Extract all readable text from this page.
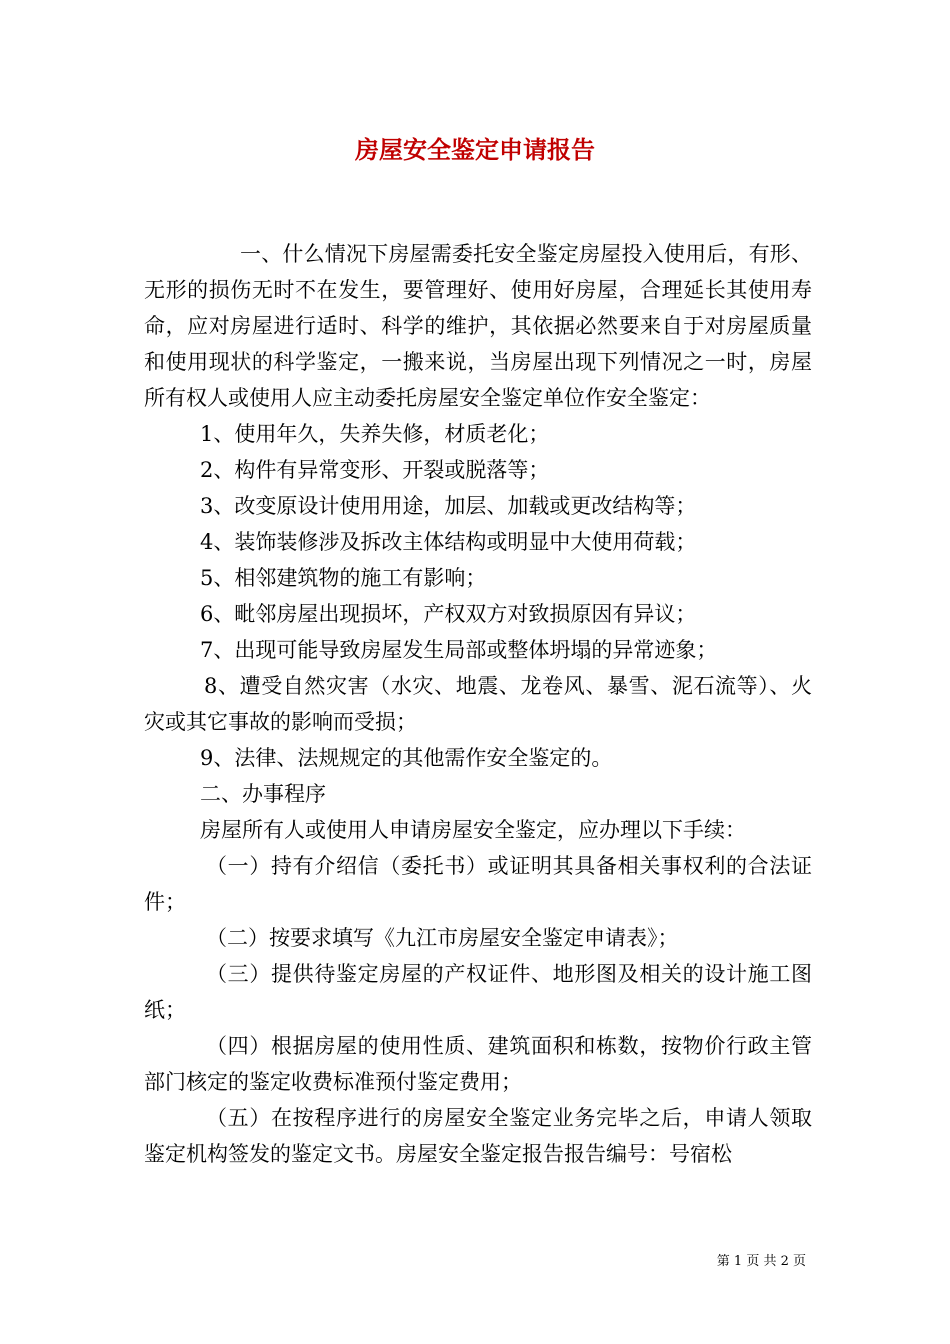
房屋安全鉴定申请报告

一、什么情况下房屋需委托安全鉴定房屋投入使用后，有形、无形的损伤无时不在发生，要管理好、使用好房屋，合理延长其使用寿命，应对房屋进行适时、科学的维护，其依据必然要来自于对房屋质量和使用现状的科学鉴定，一搬来说，当房屋出现下列情况之一时，房屋所有权人或使用人应主动委托房屋安全鉴定单位作安全鉴定：

1、使用年久，失养失修，材质老化；

2、构件有异常变形、开裂或脱落等；

3、改变原设计使用用途，加层、加载或更改结构等；

4、装饰装修涉及拆改主体结构或明显中大使用荷载；

5、相邻建筑物的施工有影响；

6、毗邻房屋出现损坏，产权双方对致损原因有异议；

7、出现可能导致房屋发生局部或整体坍塌的异常迹象；

8、遭受自然灾害（水灾、地震、龙卷风、暴雪、泥石流等）、火灾或其它事故的影响而受损；

9、法律、法规规定的其他需作安全鉴定的。

二、办事程序

房屋所有人或使用人申请房屋安全鉴定，应办理以下手续：

（一）持有介绍信（委托书）或证明其具备相关事权利的合法证件；

（二）按要求填写《九江市房屋安全鉴定申请表》；

（三）提供待鉴定房屋的产权证件、地形图及相关的设计施工图纸；

（四）根据房屋的使用性质、建筑面积和栋数，按物价行政主管部门核定的鉴定收费标准预付鉴定费用；

（五）在按程序进行的房屋安全鉴定业务完毕之后，申请人领取鉴定机构签发的鉴定文书。房屋安全鉴定报告报告编号：号宿松

第 1 页 共 2 页
